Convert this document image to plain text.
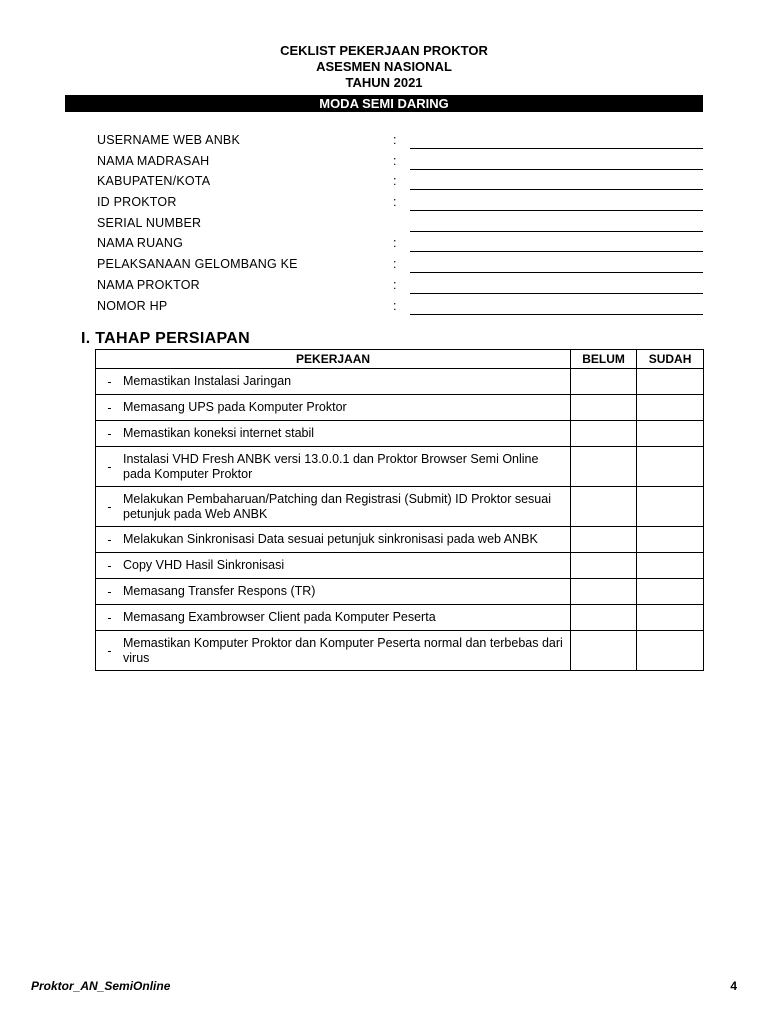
CEKLIST PEKERJAAN PROKTOR
ASESMEN NASIONAL
TAHUN 2021
MODA SEMI DARING
USERNAME WEB ANBK	:
NAMA MADRASAH	:
KABUPATEN/KOTA	:
ID PROKTOR	:
SERIAL NUMBER
NAMA RUANG	:
PELAKSANAAN GELOMBANG KE	:
NAMA PROKTOR	:
NOMOR HP	:
I. TAHAP PERSIAPAN
PEKERJAAN	BELUM	SUDAH

- Memastikan Instalasi Jaringan		

- Memasang UPS pada Komputer Proktor		

- Memastikan koneksi internet stabil		

-
Instalasi VHD Fresh ANBK versi 13.0.0.1 dan Proktor Browser Semi Online pada Komputer Proktor		

-
Melakukan Pembaharuan/Patching dan Registrasi (Submit) ID Proktor sesuai petunjuk pada Web ANBK		

- Melakukan Sinkronisasi Data sesuai petunjuk sinkronisasi pada web ANBK		

- Copy VHD Hasil Sinkronisasi		

- Memasang Transfer Respons (TR)		

- Memasang Exambrowser Client pada Komputer Peserta		

-
Memastikan Komputer Proktor dan Komputer Peserta normal dan terbebas dari virus		

Proktor_AN_SemiOnline	4
